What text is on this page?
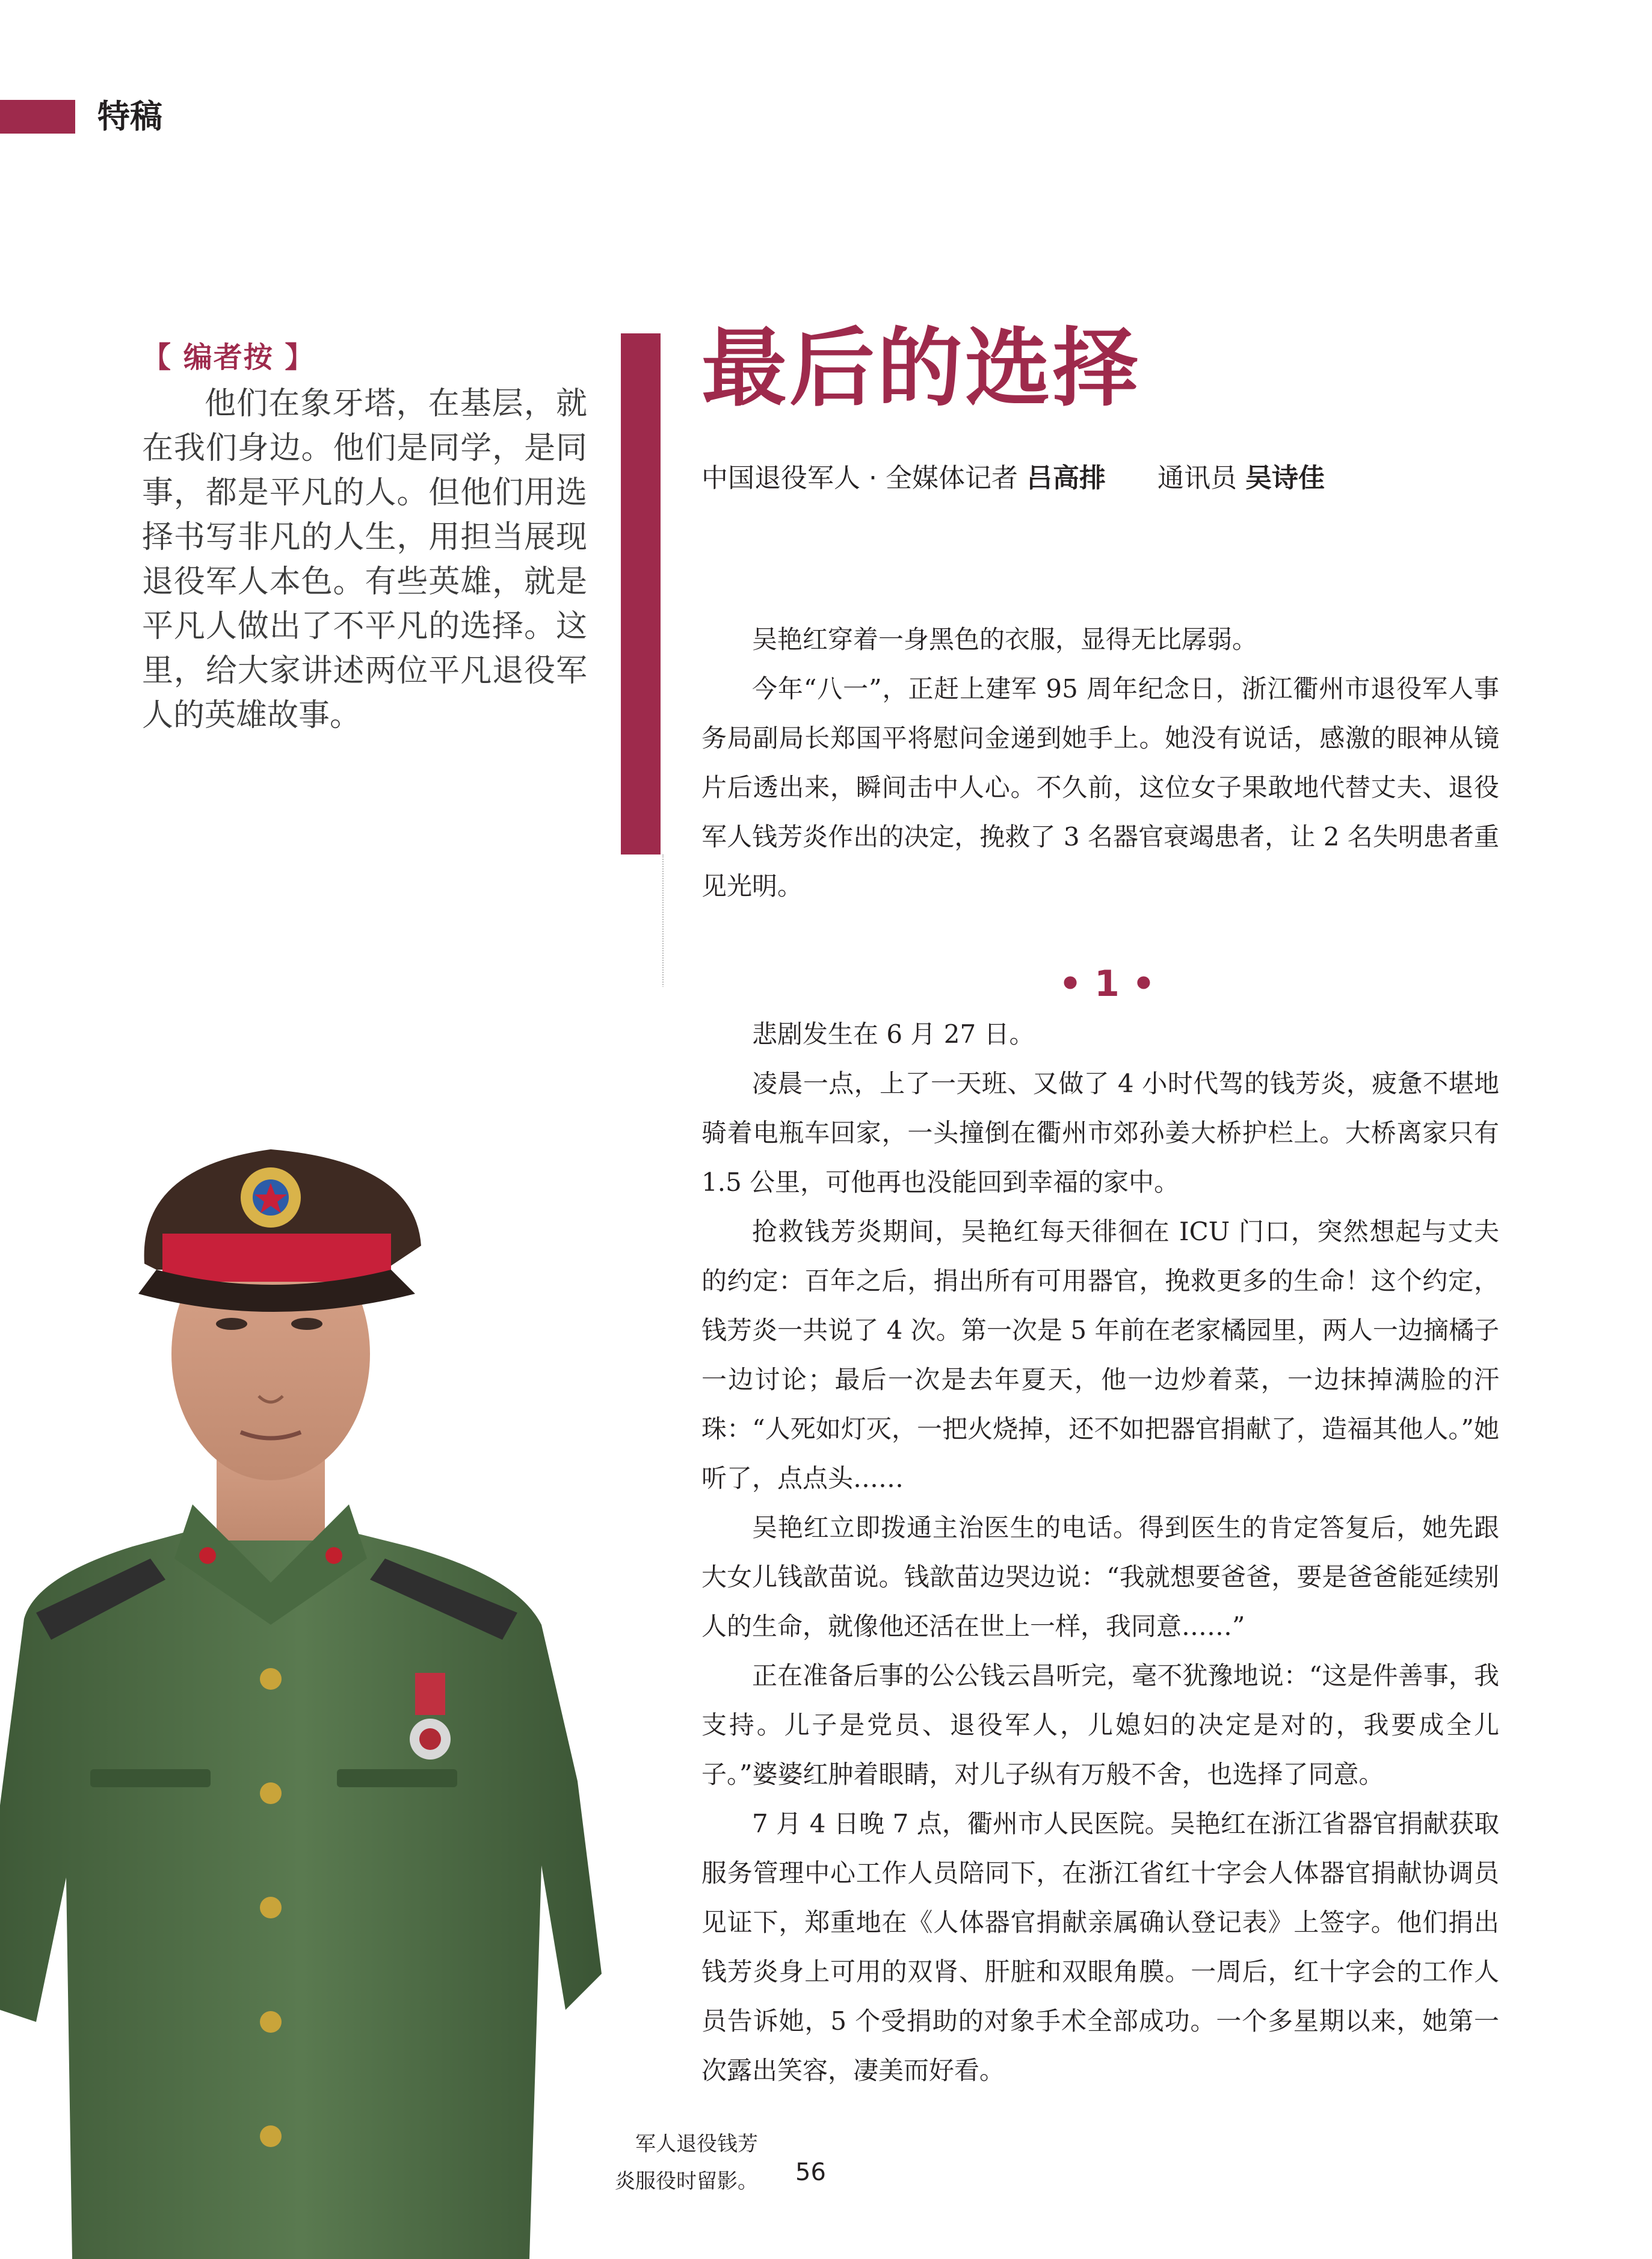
特稿
【 编者按 】

他们在象牙塔，在基层，就在我们身边。他们是同学，是同事，都是平凡的人。但他们用选择书写非凡的人生，用担当展现退役军人本色。有些英雄，就是平凡人做出了不平凡的选择。这里，给大家讲述两位平凡退役军人的英雄故事。

最后的选择
中国退役军人 · 全媒体记者 吕高排 通讯员 吴诗佳

吴艳红穿着一身黑色的衣服，显得无比孱弱。

今年“八一”，正赶上建军 95 周年纪念日，浙江衢州市退役军人事务局副局长郑国平将慰问金递到她手上。她没有说话，感激的眼神从镜片后透出来，瞬间击中人心。不久前，这位女子果敢地代替丈夫、退役军人钱芳炎作出的决定，挽救了 3 名器官衰竭患者，让 2 名失明患者重见光明。

• 1 •

悲剧发生在 6 月 27 日。

凌晨一点，上了一天班、又做了 4 小时代驾的钱芳炎，疲惫不堪地骑着电瓶车回家，一头撞倒在衢州市郊孙姜大桥护栏上。大桥离家只有 1.5 公里，可他再也没能回到幸福的家中。

抢救钱芳炎期间，吴艳红每天徘徊在 ICU 门口，突然想起与丈夫的约定：百年之后，捐出所有可用器官，挽救更多的生命！这个约定，钱芳炎一共说了 4 次。第一次是 5 年前在老家橘园里，两人一边摘橘子一边讨论；最后一次是去年夏天，他一边炒着菜，一边抹掉满脸的汗珠：“人死如灯灭，一把火烧掉，还不如把器官捐献了，造福其他人。”她听了，点点头……

吴艳红立即拨通主治医生的电话。得到医生的肯定答复后，她先跟大女儿钱歆苗说。钱歆苗边哭边说：“我就想要爸爸，要是爸爸能延续别人的生命，就像他还活在世上一样，我同意……”

正在准备后事的公公钱云昌听完，毫不犹豫地说：“这是件善事，我支持。儿子是党员、退役军人，儿媳妇的决定是对的，我要成全儿子。”婆婆红肿着眼睛，对儿子纵有万般不舍，也选择了同意。

7 月 4 日晚 7 点，衢州市人民医院。吴艳红在浙江省器官捐献获取服务管理中心工作人员陪同下，在浙江省红十字会人体器官捐献协调员见证下，郑重地在《人体器官捐献亲属确认登记表》上签字。他们捐出钱芳炎身上可用的双肾、肝脏和双眼角膜。一周后，红十字会的工作人员告诉她，5 个受捐助的对象手术全部成功。一个多星期以来，她第一次露出笑容，凄美而好看。

军人退役钱芳
炎服役时留影。 56
